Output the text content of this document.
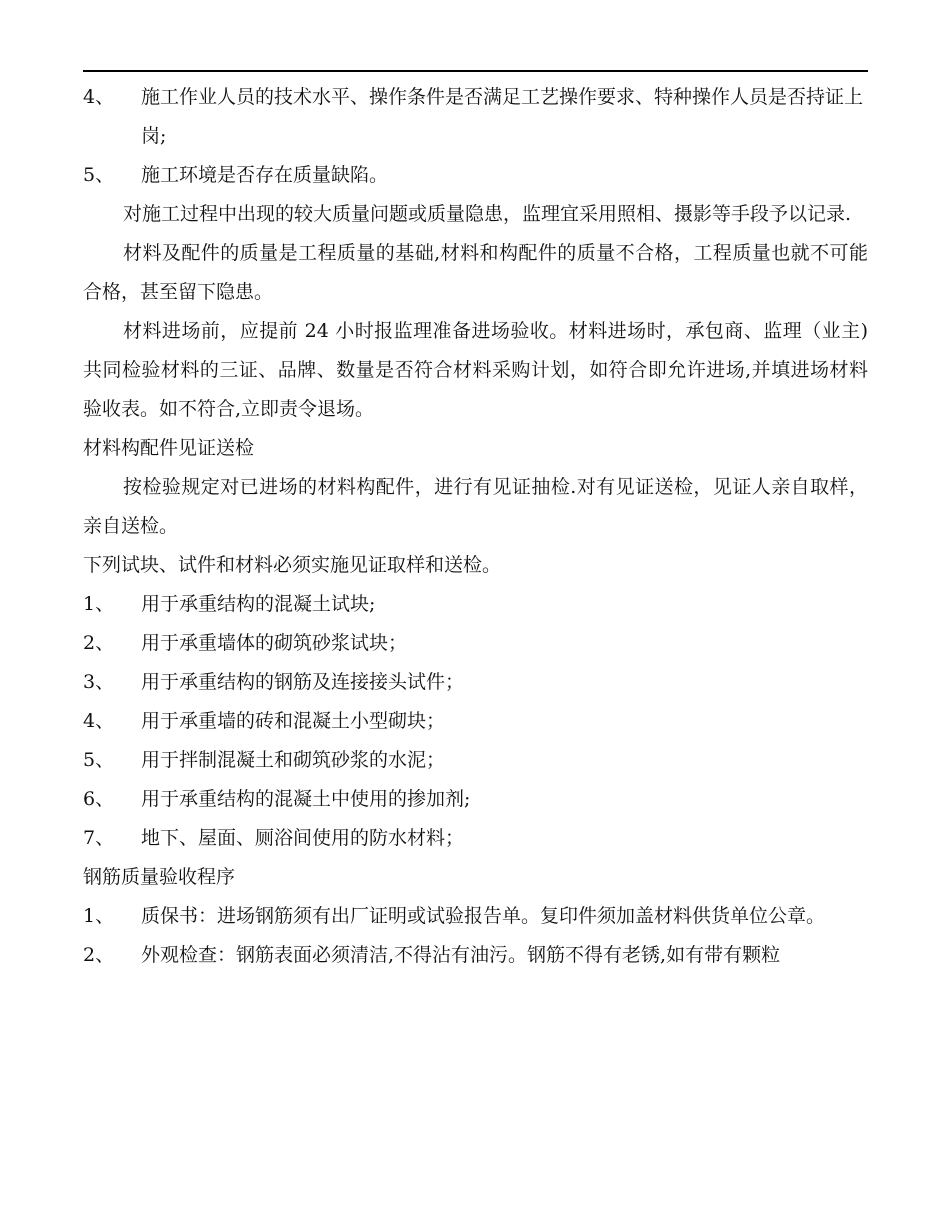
4、 施工作业人员的技术水平、操作条件是否满足工艺操作要求、特种操作人员是否持证上岗;
5、 施工环境是否存在质量缺陷。
对施工过程中出现的较大质量问题或质量隐患，监理宜采用照相、摄影等手段予以记录.
材料及配件的质量是工程质量的基础,材料和构配件的质量不合格，工程质量也就不可能合格，甚至留下隐患。
材料进场前，应提前 24 小时报监理准备进场验收。材料进场时，承包商、监理（业主)共同检验材料的三证、品牌、数量是否符合材料采购计划，如符合即允许进场,并填进场材料验收表。如不符合,立即责令退场。
材料构配件见证送检
按检验规定对已进场的材料构配件，进行有见证抽检.对有见证送检，见证人亲自取样，亲自送检。
下列试块、试件和材料必须实施见证取样和送检。
1、 用于承重结构的混凝土试块;
2、 用于承重墙体的砌筑砂浆试块；
3、 用于承重结构的钢筋及连接接头试件；
4、 用于承重墙的砖和混凝土小型砌块；
5、 用于拌制混凝土和砌筑砂浆的水泥；
6、 用于承重结构的混凝土中使用的掺加剂;
7、 地下、屋面、厕浴间使用的防水材料；
钢筋质量验收程序
1、 质保书：进场钢筋须有出厂证明或试验报告单。复印件须加盖材料供货单位公章。
2、 外观检查：钢筋表面必须清洁,不得沾有油污。钢筋不得有老锈,如有带有颗粒
